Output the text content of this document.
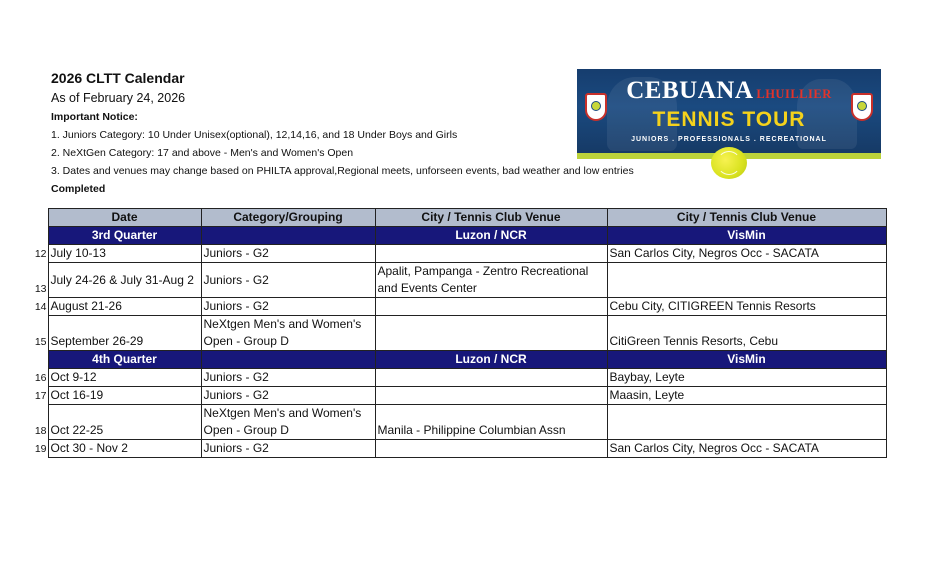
2026 CLTT Calendar
As of February 24, 2026
Important Notice:
1. Juniors Category: 10 Under Unisex(optional), 12,14,16, and 18 Under Boys and Girls
2. NeXtGen Category: 17 and above - Men's and Women's Open
3. Dates and venues may change based on PHILTA approval,Regional meets, unforseen events, bad weather and low entries
Completed
CEBUANA LHUILLIER
TENNIS TOUR
JUNIORS . PROFESSIONALS . RECREATIONAL
	Date	Category/Grouping	City / Tennis Club Venue	City / Tennis Club Venue
	3rd Quarter		Luzon / NCR	VisMin
12	July 10-13	Juniors - G2		San Carlos City, Negros Occ - SACATA
13	July 24-26 & July 31-Aug 2	Juniors - G2	Apalit, Pampanga - Zentro Recreational and Events Center	
14	August 21-26	Juniors - G2		Cebu City, CITIGREEN Tennis Resorts
15	September 26-29	NeXtgen Men's and Women's Open - Group D		CitiGreen Tennis Resorts, Cebu
	4th Quarter		Luzon / NCR	VisMin
16	Oct 9-12	Juniors - G2		Baybay, Leyte
17	Oct 16-19	Juniors - G2		Maasin, Leyte
18	Oct 22-25	NeXtgen Men's and Women's Open - Group D	Manila - Philippine Columbian Assn	
19	Oct 30 - Nov 2	Juniors - G2		San Carlos City, Negros Occ - SACATA
